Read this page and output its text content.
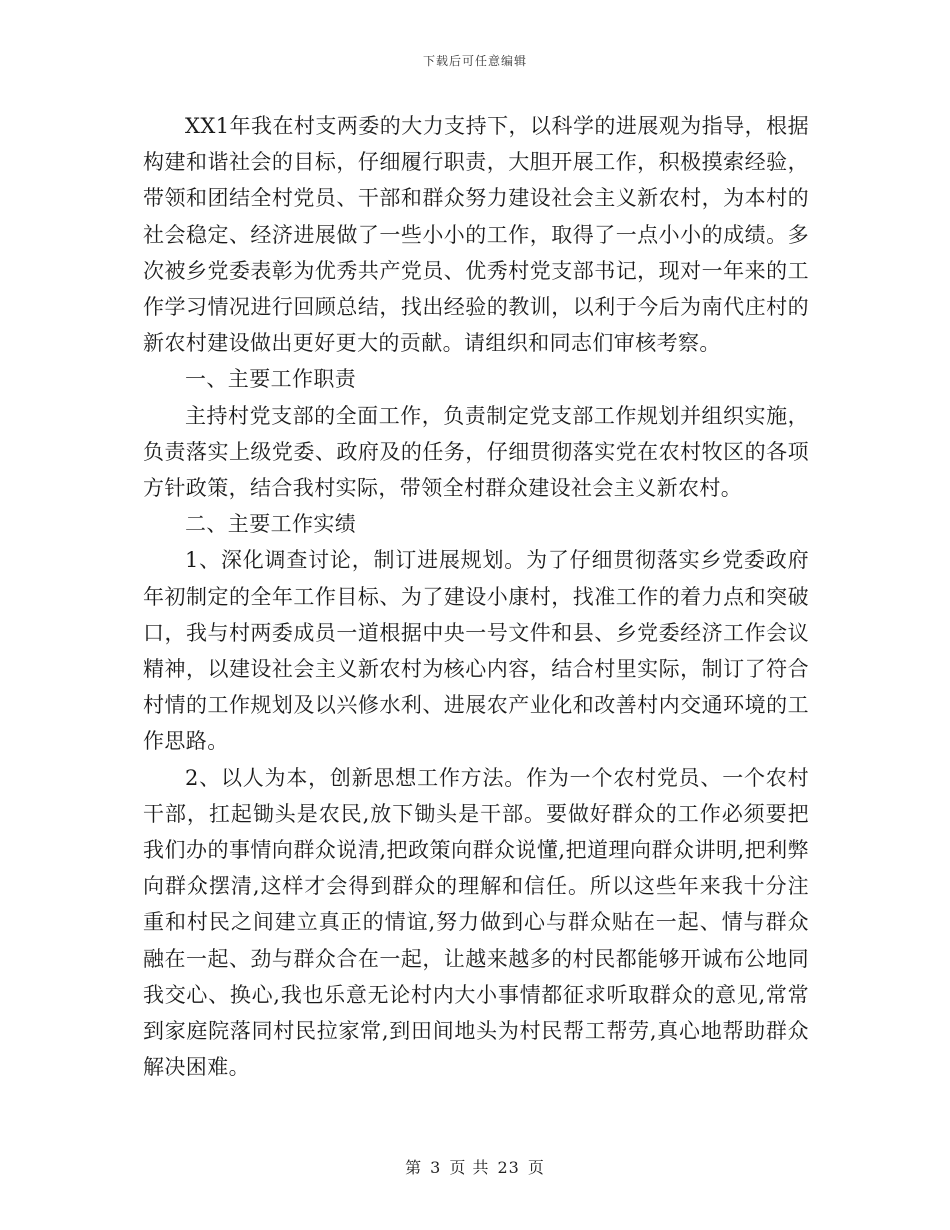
下载后可任意编辑

XX1年我在村支两委的大力支持下，以科学的进展观为指导，根据构建和谐社会的目标，仔细履行职责，大胆开展工作，积极摸索经验，带领和团结全村党员、干部和群众努力建设社会主义新农村，为本村的社会稳定、经济进展做了一些小小的工作，取得了一点小小的成绩。多次被乡党委表彰为优秀共产党员、优秀村党支部书记，现对一年来的工作学习情况进行回顾总结，找出经验的教训，以利于今后为南代庄村的新农村建设做出更好更大的贡献。请组织和同志们审核考察。

一、主要工作职责

主持村党支部的全面工作，负责制定党支部工作规划并组织实施，负责落实上级党委、政府及的任务，仔细贯彻落实党在农村牧区的各项方针政策，结合我村实际，带领全村群众建设社会主义新农村。

二、主要工作实绩

1、深化调查讨论，制订进展规划。为了仔细贯彻落实乡党委政府年初制定的全年工作目标、为了建设小康村，找准工作的着力点和突破口，我与村两委成员一道根据中央一号文件和县、乡党委经济工作会议精神，以建设社会主义新农村为核心内容，结合村里实际，制订了符合村情的工作规划及以兴修水利、进展农产业化和改善村内交通环境的工作思路。

2、以人为本，创新思想工作方法。作为一个农村党员、一个农村干部，扛起锄头是农民,放下锄头是干部。要做好群众的工作必须要把我们办的事情向群众说清,把政策向群众说懂,把道理向群众讲明,把利弊向群众摆清,这样才会得到群众的理解和信任。所以这些年来我十分注重和村民之间建立真正的情谊,努力做到心与群众贴在一起、情与群众融在一起、劲与群众合在一起，让越来越多的村民都能够开诚布公地同我交心、换心,我也乐意无论村内大小事情都征求听取群众的意见,常常到家庭院落同村民拉家常,到田间地头为村民帮工帮劳,真心地帮助群众解决困难。

第 3 页 共 23 页
